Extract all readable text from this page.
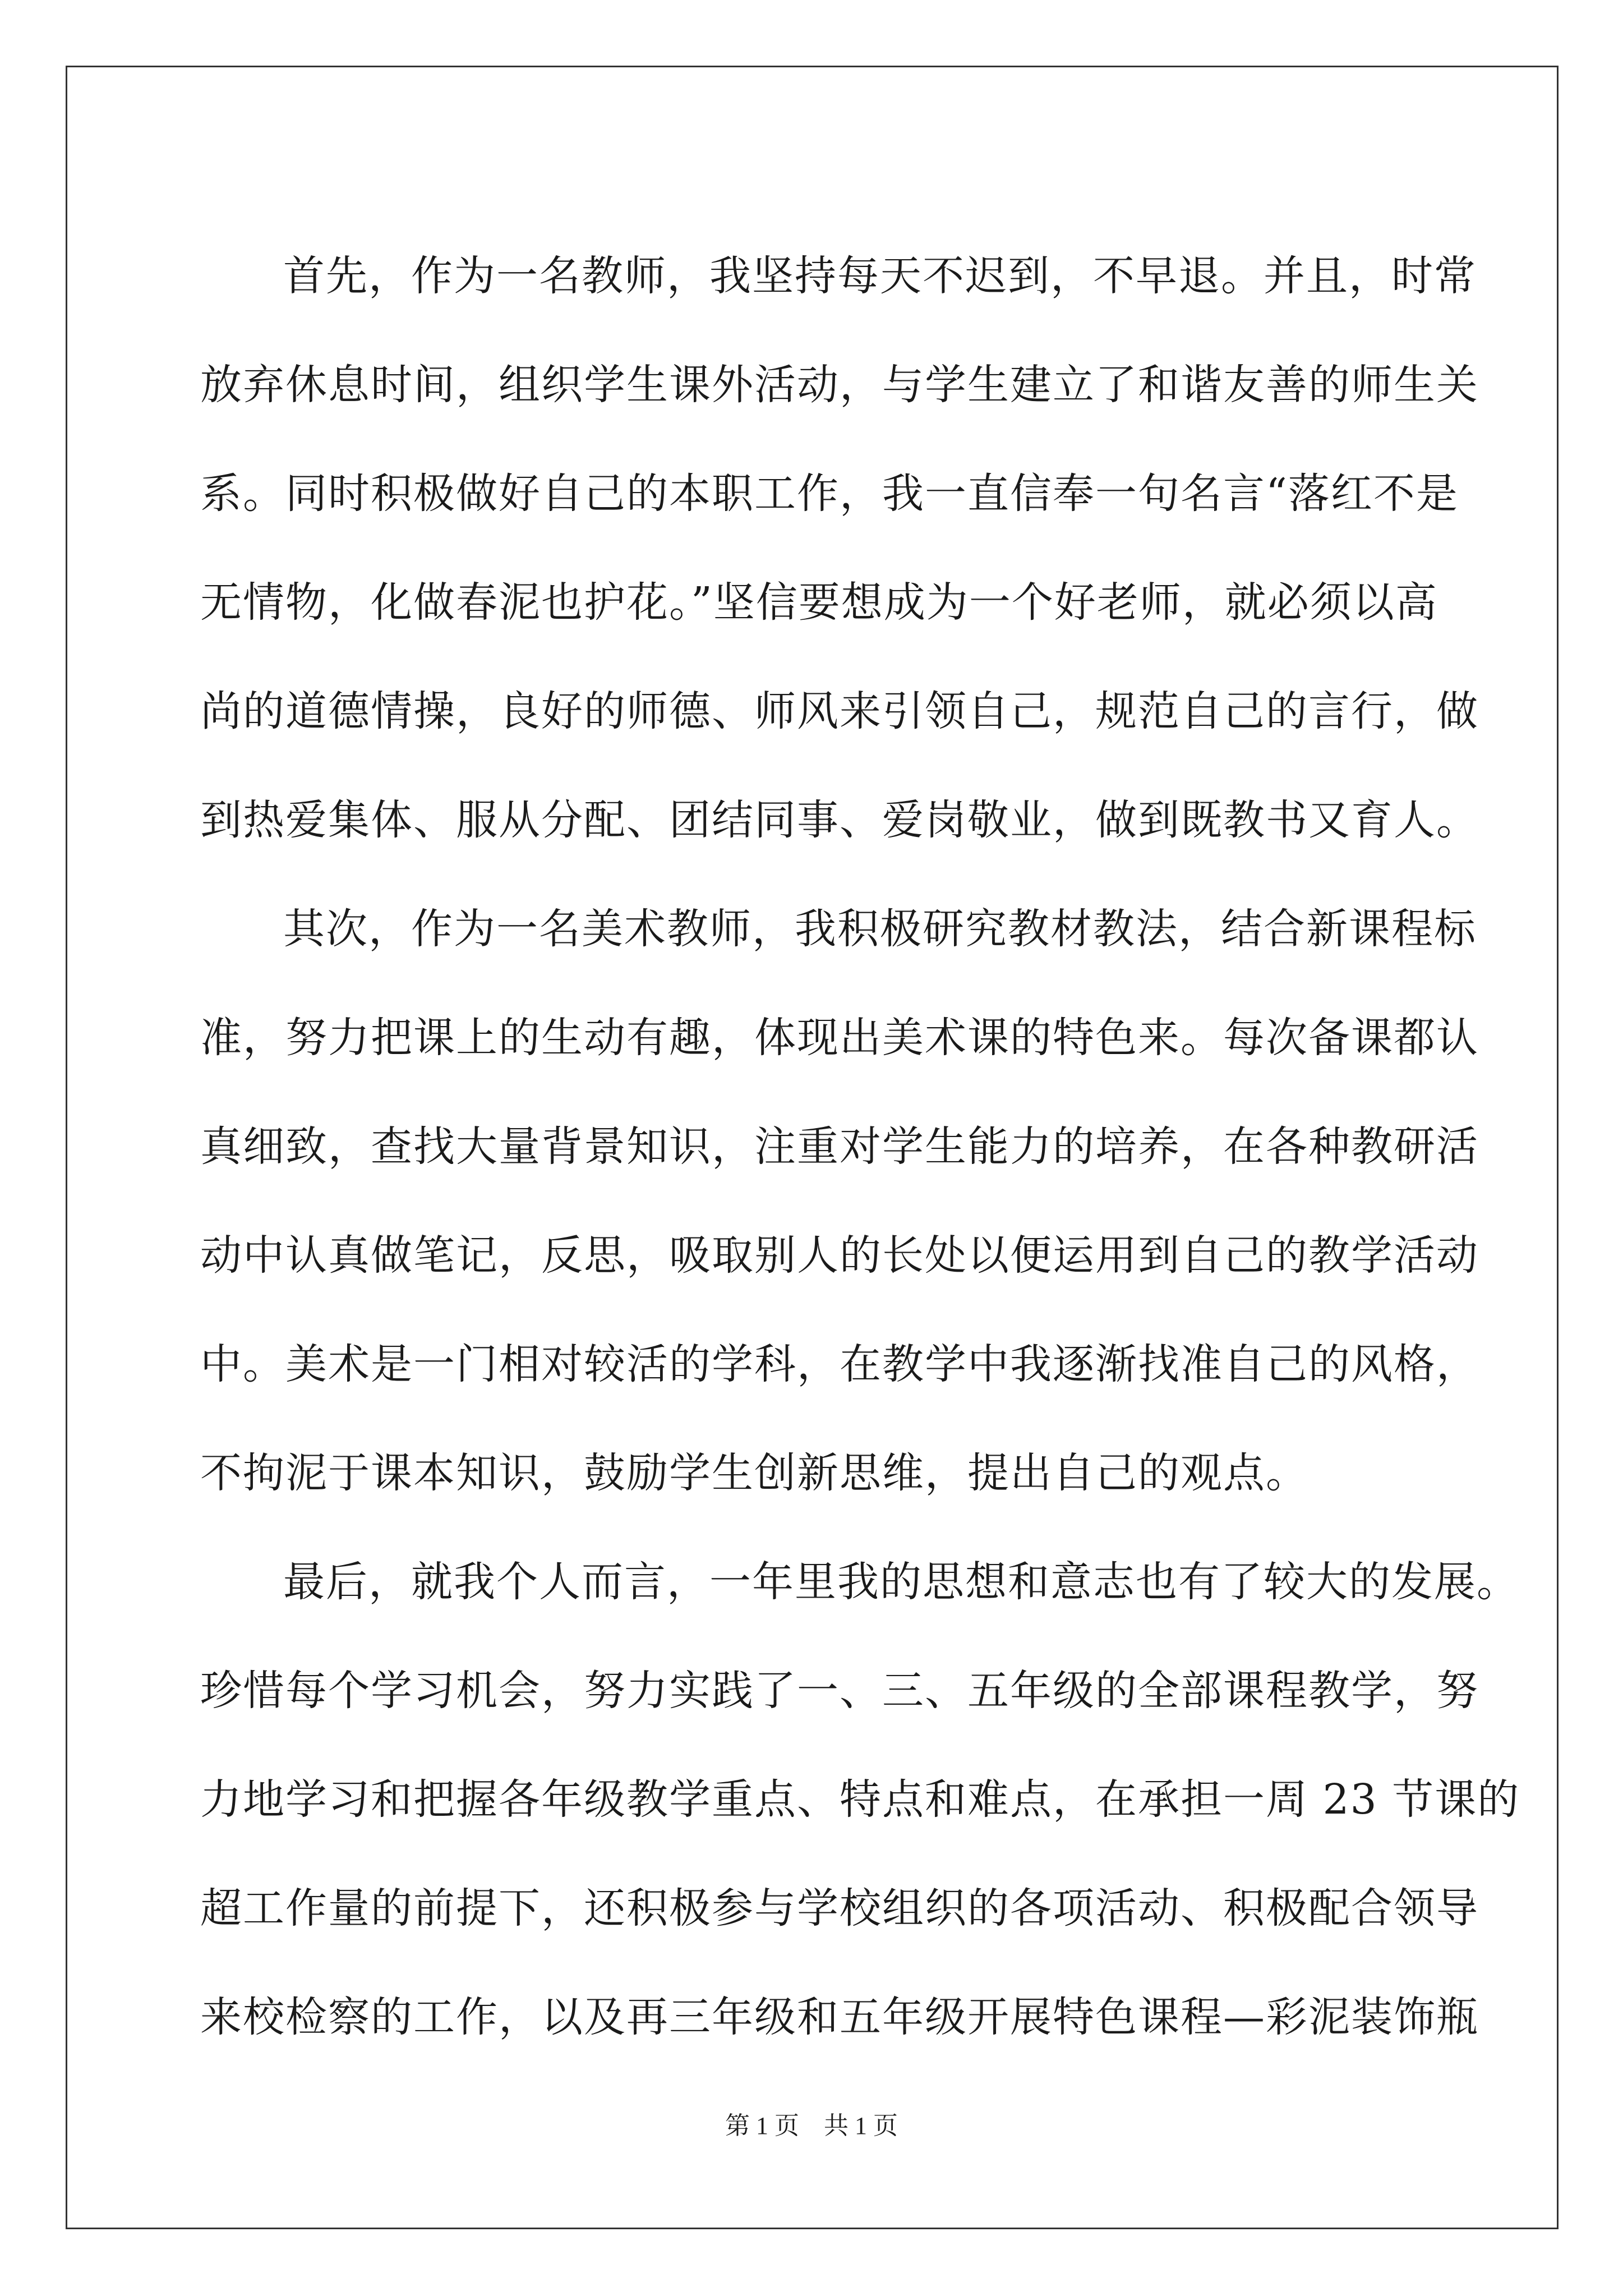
首先，作为一名教师，我坚持每天不迟到，不早退。并且，时常
放弃休息时间，组织学生课外活动，与学生建立了和谐友善的师生关
系。同时积极做好自己的本职工作，我一直信奉一句名言“落红不是
无情物，化做春泥也护花。”坚信要想成为一个好老师，就必须以高
尚的道德情操，良好的师德、师风来引领自己，规范自己的言行，做
到热爱集体、服从分配、团结同事、爱岗敬业，做到既教书又育人。
其次，作为一名美术教师，我积极研究教材教法，结合新课程标
准，努力把课上的生动有趣，体现出美术课的特色来。每次备课都认
真细致，查找大量背景知识，注重对学生能力的培养，在各种教研活
动中认真做笔记，反思，吸取别人的长处以便运用到自己的教学活动
中。美术是一门相对较活的学科，在教学中我逐渐找准自己的风格，
不拘泥于课本知识，鼓励学生创新思维，提出自己的观点。
最后，就我个人而言，一年里我的思想和意志也有了较大的发展。
珍惜每个学习机会，努力实践了一、三、五年级的全部课程教学，努
力地学习和把握各年级教学重点、特点和难点，在承担一周 23 节课的
超工作量的前提下，还积极参与学校组织的各项活动、积极配合领导
来校检察的工作，以及再三年级和五年级开展特色课程—彩泥装饰瓶
第 1 页　共 1 页
